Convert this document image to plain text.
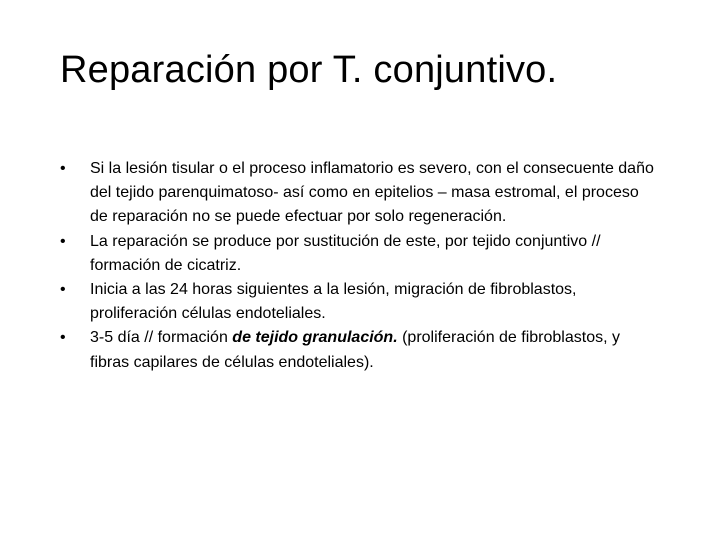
Reparación por T. conjuntivo.
•	Si la lesión tisular o el proceso inflamatorio es severo, con el consecuente daño del tejido parenquimatoso- así como en epitelios – masa estromal, el proceso de reparación no se puede efectuar por solo regeneración.
•	La reparación se produce por sustitución de este, por tejido conjuntivo // formación de cicatriz.
•	Inicia a las 24 horas siguientes a la lesión, migración de fibroblastos, proliferación células endoteliales.
•	3-5 día // formación de tejido granulación. (proliferación de fibroblastos, y fibras capilares de células endoteliales).
